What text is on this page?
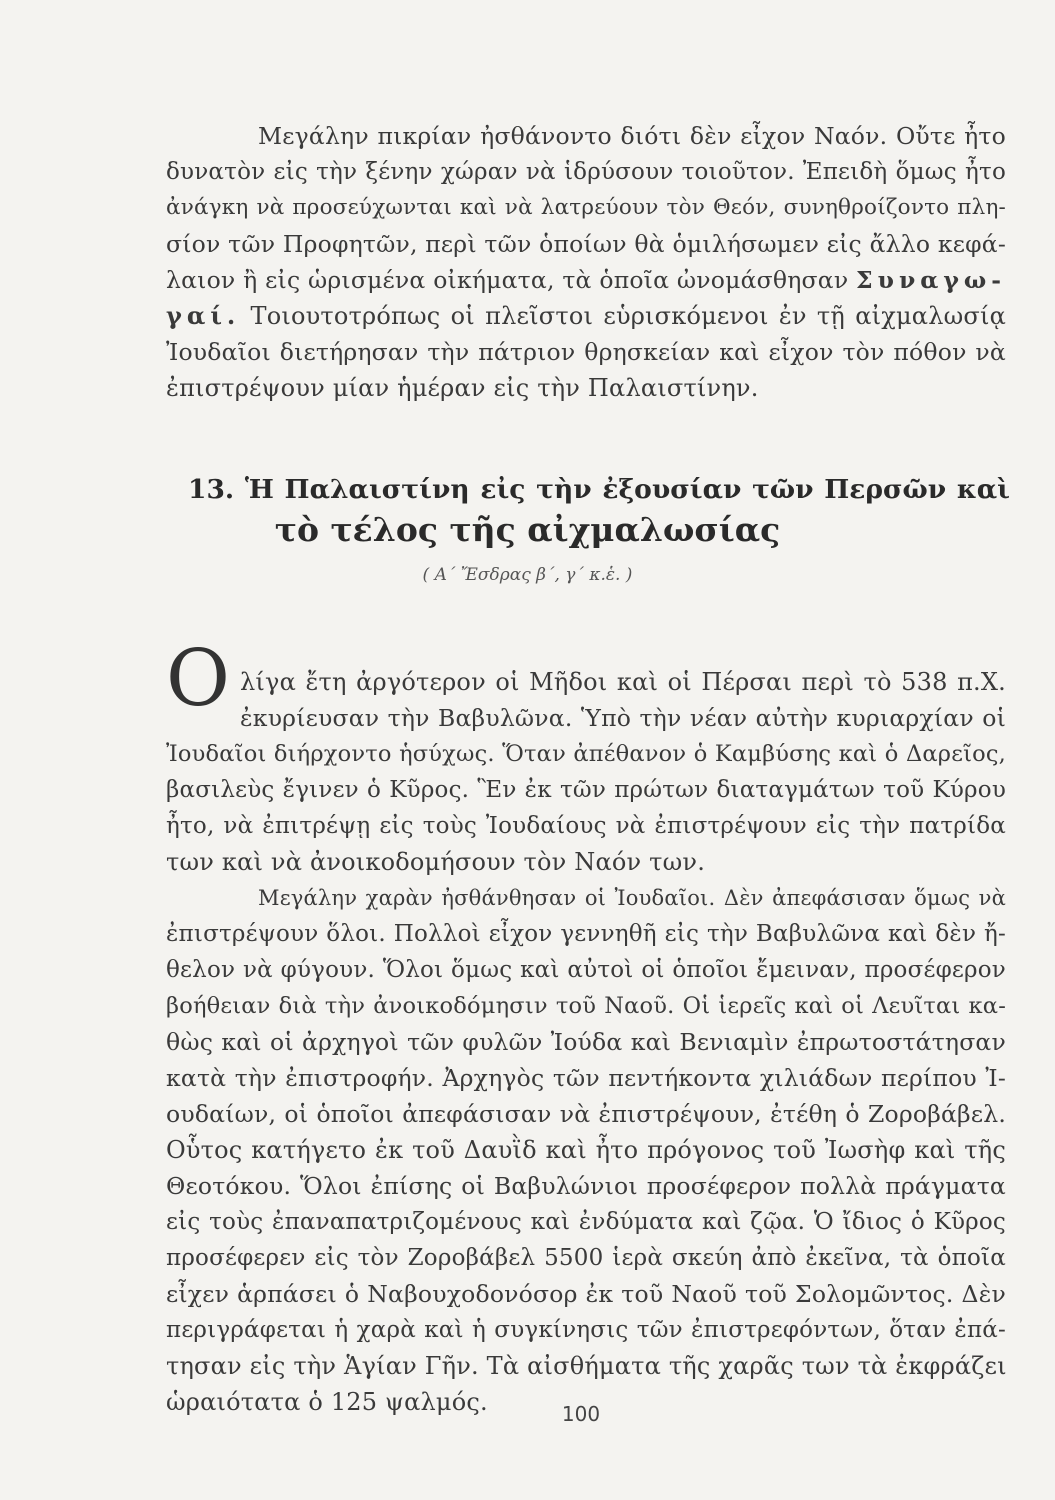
Μεγάλην πικρίαν ἠσθάνοντο διότι δὲν εἶχον Ναόν. Οὔτε ἦτο
δυνατὸν εἰς τὴν ξένην χώραν νὰ ἱδρύσουν τοιοῦτον. Ἐπειδὴ ὅμως ἦτο
ἀνάγκη νὰ προσεύχωνται καὶ νὰ λατρεύουν τὸν Θεόν, συνηθροίζοντο πλη-
σίον τῶν Προφητῶν, περὶ τῶν ὁποίων θὰ ὁμιλήσωμεν εἰς ἄλλο κεφά-
λαιον ἢ εἰς ὡρισμένα οἰκήματα, τὰ ὁποῖα ὠνομάσθησαν Συναγω-
γαί. Τοιουτοτρόπως οἱ πλεῖστοι εὑρισκόμενοι ἐν τῇ αἰχμαλωσίᾳ
Ἰουδαῖοι διετήρησαν τὴν πάτριον θρησκείαν καὶ εἶχον τὸν πόθον νὰ
ἐπιστρέψουν μίαν ἡμέραν εἰς τὴν Παλαιστίνην.
13. Ἡ Παλαιστίνη εἰς τὴν ἐξουσίαν τῶν Περσῶν καὶ
τὸ τέλος τῆς αἰχμαλωσίας
( Α΄ Ἔσδρας β΄, γ΄ κ.ἑ. )
Ο λίγα ἔτη ἀργότερον οἱ Μῆδοι καὶ οἱ Πέρσαι περὶ τὸ 538 π.Χ.
ἐκυρίευσαν τὴν Βαβυλῶνα. Ὑπὸ τὴν νέαν αὐτὴν κυριαρχίαν οἱ
Ἰουδαῖοι διήρχοντο ἡσύχως. Ὅταν ἀπέθανον ὁ Καμβύσης καὶ ὁ Δαρεῖος,
βασιλεὺς ἔγινεν ὁ Κῦρος. Ἓν ἐκ τῶν πρώτων διαταγμάτων τοῦ Κύρου
ἦτο, νὰ ἐπιτρέψῃ εἰς τοὺς Ἰουδαίους νὰ ἐπιστρέψουν εἰς τὴν πατρίδα
των καὶ νὰ ἀνοικοδομήσουν τὸν Ναόν των.
Μεγάλην χαρὰν ἠσθάνθησαν οἱ Ἰουδαῖοι. Δὲν ἀπεφάσισαν ὅμως νὰ
ἐπιστρέψουν ὅλοι. Πολλοὶ εἶχον γεννηθῆ εἰς τὴν Βαβυλῶνα καὶ δὲν ἤ-
θελον νὰ φύγουν. Ὅλοι ὅμως καὶ αὐτοὶ οἱ ὁποῖοι ἔμειναν, προσέφερον
βοήθειαν διὰ τὴν ἀνοικοδόμησιν τοῦ Ναοῦ. Οἱ ἱερεῖς καὶ οἱ Λευῖται κα-
θὼς καὶ οἱ ἀρχηγοὶ τῶν φυλῶν Ἰούδα καὶ Βενιαμὶν ἐπρωτοστάτησαν
κατὰ τὴν ἐπιστροφήν. Ἀρχηγὸς τῶν πεντήκοντα χιλιάδων περίπου Ἰ-
ουδαίων, οἱ ὁποῖοι ἀπεφάσισαν νὰ ἐπιστρέψουν, ἐτέθη ὁ Ζοροβάβελ.
Οὗτος κατήγετο ἐκ τοῦ Δαυῒδ καὶ ἦτο πρόγονος τοῦ Ἰωσὴφ καὶ τῆς
Θεοτόκου. Ὅλοι ἐπίσης οἱ Βαβυλώνιοι προσέφερον πολλὰ πράγματα
εἰς τοὺς ἐπαναπατριζομένους καὶ ἐνδύματα καὶ ζῷα. Ὁ ἴδιος ὁ Κῦρος
προσέφερεν εἰς τὸν Ζοροβάβελ 5500 ἱερὰ σκεύη ἀπὸ ἐκεῖνα, τὰ ὁποῖα
εἶχεν ἁρπάσει ὁ Ναβουχοδονόσορ ἐκ τοῦ Ναοῦ τοῦ Σολομῶντος. Δὲν
περιγράφεται ἡ χαρὰ καὶ ἡ συγκίνησις τῶν ἐπιστρεφόντων, ὅταν ἐπά-
τησαν εἰς τὴν Ἁγίαν Γῆν. Τὰ αἰσθήματα τῆς χαρᾶς των τὰ ἐκφράζει
ὡραιότατα ὁ 125 ψαλμός.	100
